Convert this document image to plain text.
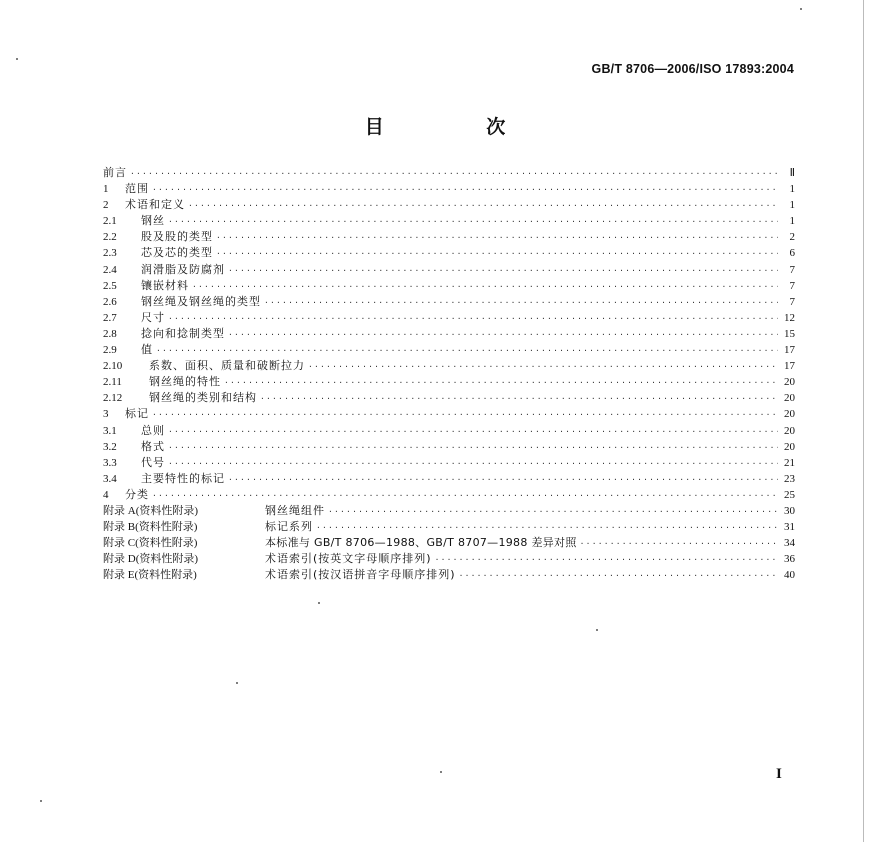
GB/T 8706—2006/ISO 17893:2004
目 次
前言 ·····	Ⅱ
1	范围 ·····	1
2	术语和定义 ·····	1
2.1	钢丝 ·····	1
2.2	股及股的类型 ·····	2
2.3	芯及芯的类型 ·····	6
2.4	润滑脂及防腐剂 ·····	7
2.5	镶嵌材料 ·····	7
2.6	钢丝绳及钢丝绳的类型 ·····	7
2.7	尺寸 ·····	12
2.8	捻向和捻制类型 ·····	15
2.9	值 ·····	17
2.10	系数、面积、质量和破断拉力 ·····	17
2.11	钢丝绳的特性 ·····	20
2.12	钢丝绳的类别和结构 ·····	20
3	标记 ·····	20
3.1	总则 ·····	20
3.2	格式 ·····	20
3.3	代号 ·····	21
3.4	主要特性的标记 ·····	23
4	分类 ·····	25
附录 A(资料性附录)	钢丝绳组件 ·····	30
附录 B(资料性附录)	标记系列 ·····	31
附录 C(资料性附录)	本标准与 GB/T 8706—1988、GB/T 8707—1988 差异对照 ·····	34
附录 D(资料性附录)	术语索引(按英文字母顺序排列) ·····	36
附录 E(资料性附录)	术语索引(按汉语拼音字母顺序排列) ·····	40
I
